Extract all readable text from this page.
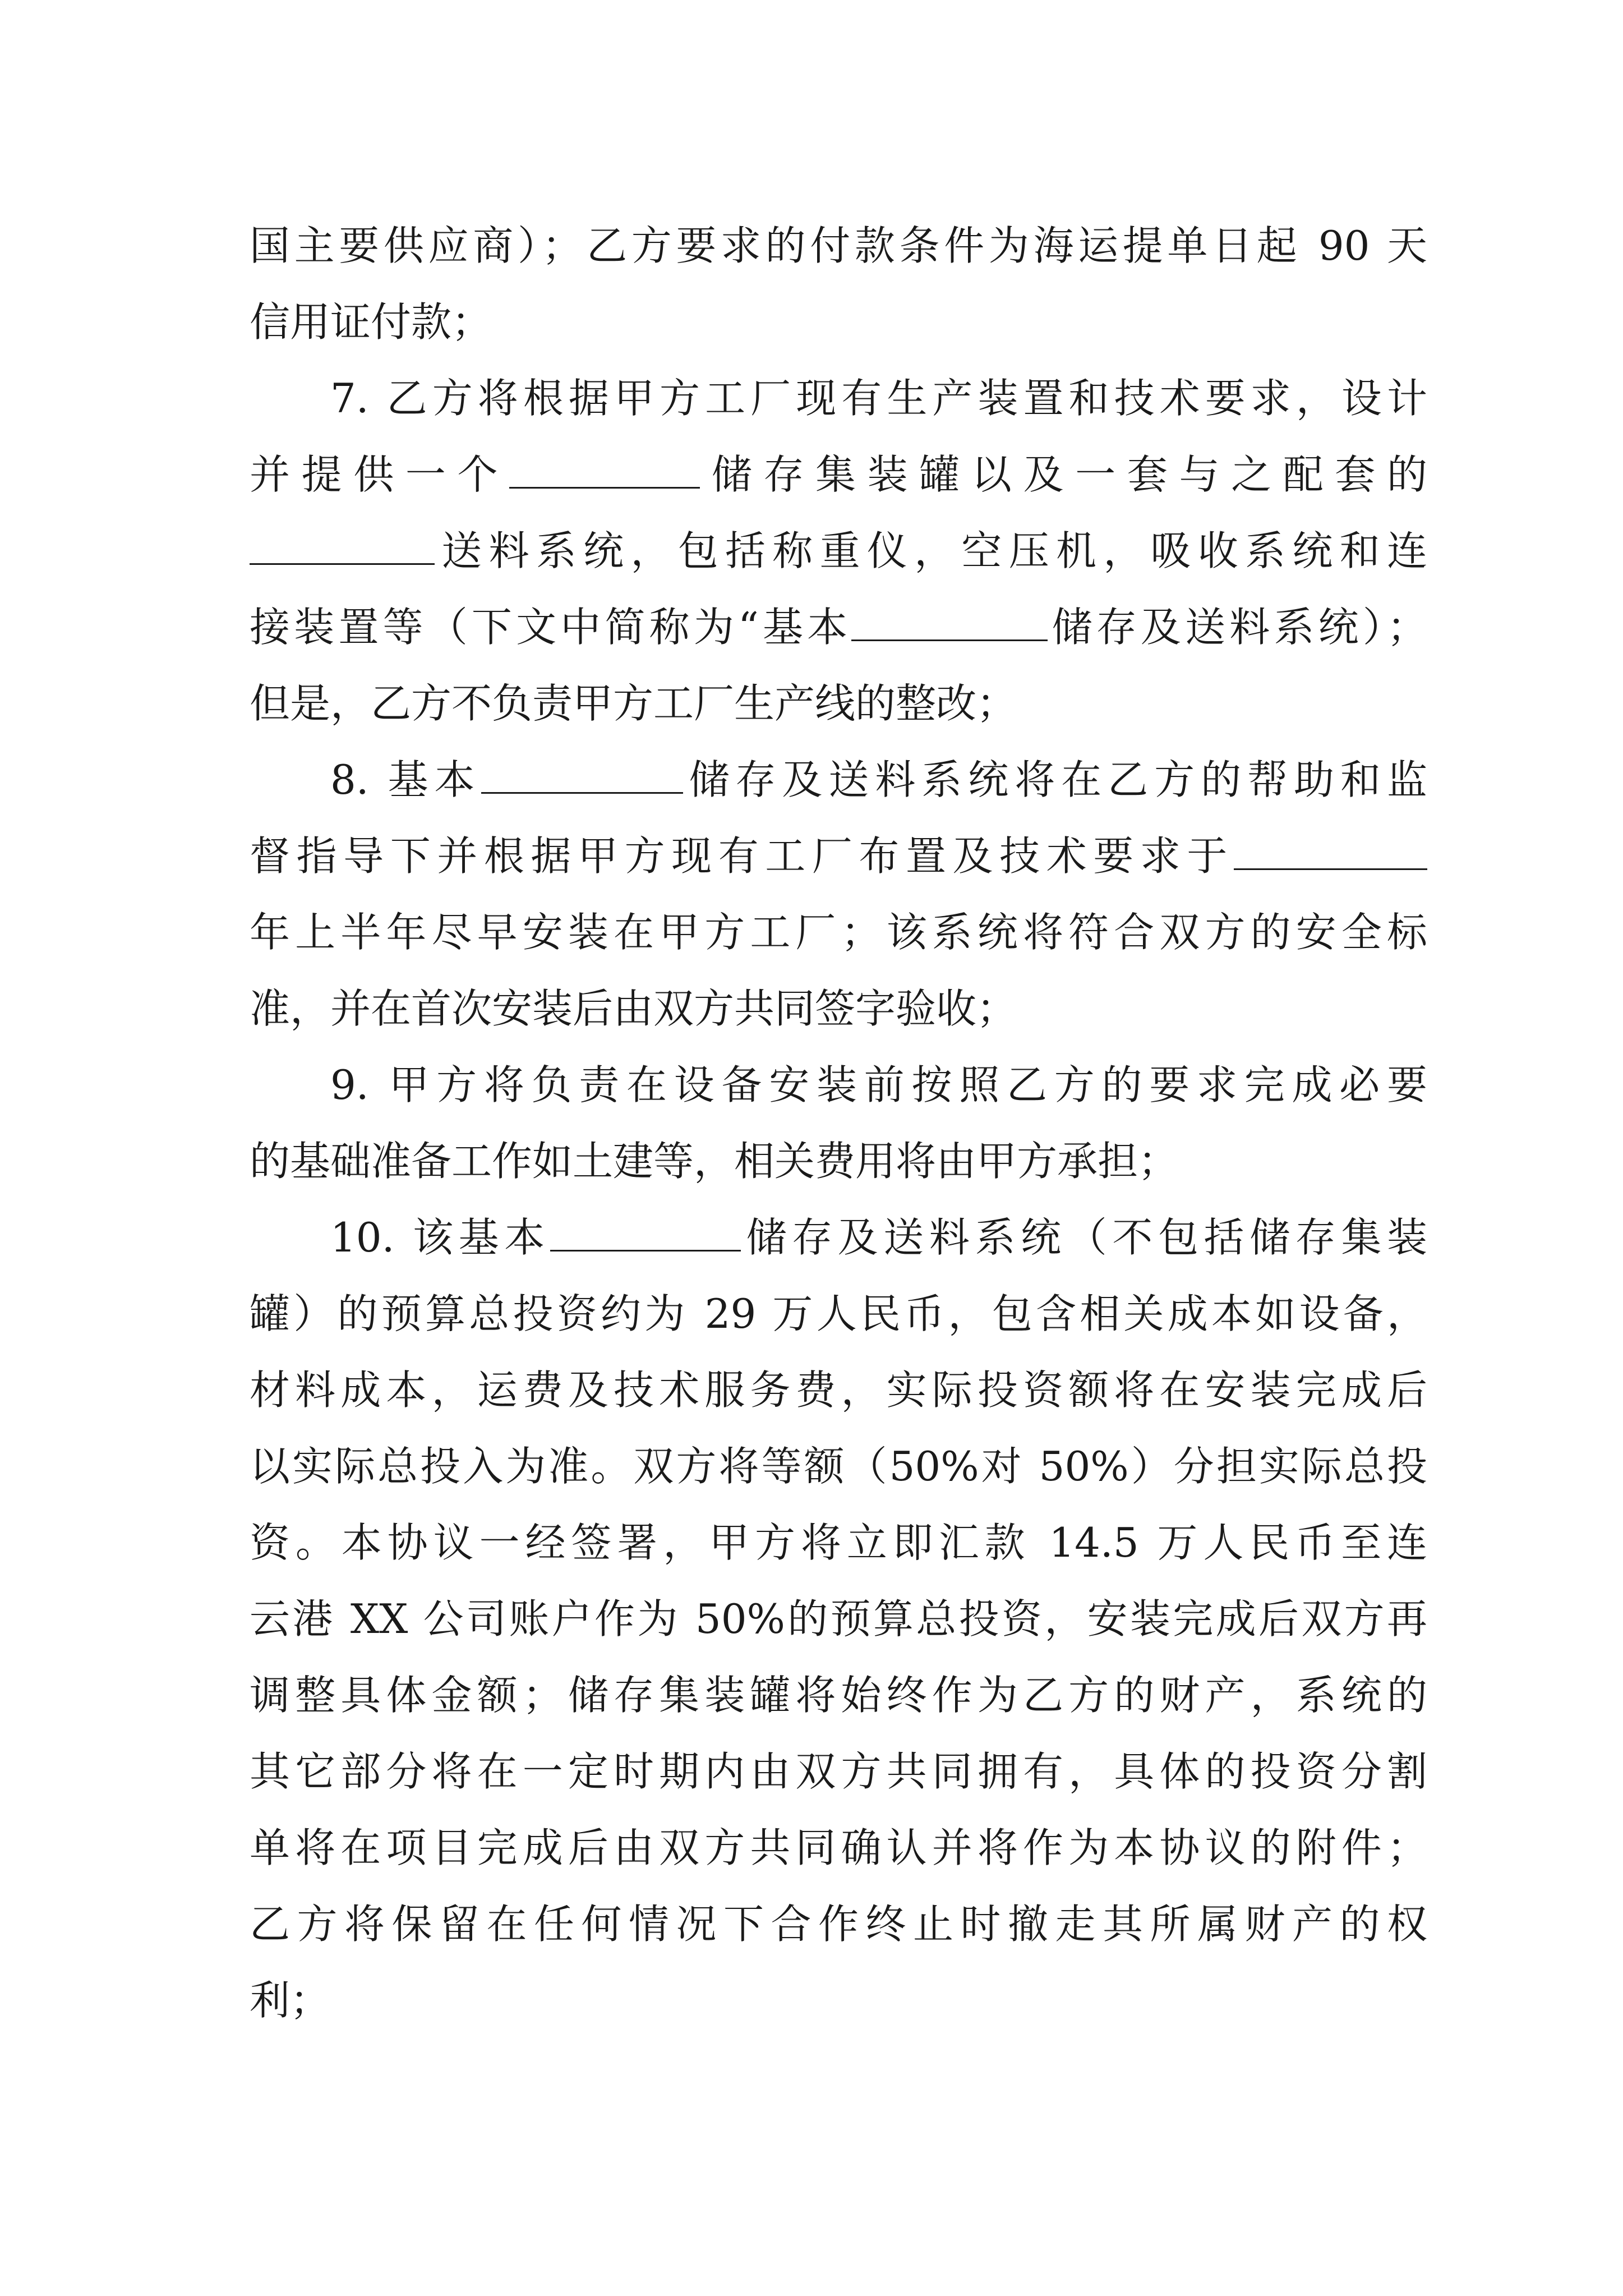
国主要供应商）；乙方要求的付款条件为海运提单日起 90 天
信用证付款；
7. 乙方将根据甲方工厂现有生产装置和技术要求，设计
并提供一个	储存集装罐以及一套与之配套的
送料系统，包括称重仪，空压机，吸收系统和连
接装置等（下文中简称为“基本	储存及送料系统）；
但是，乙方不负责甲方工厂生产线的整改；
8. 基本	储存及送料系统将在乙方的帮助和监
督指导下并根据甲方现有工厂布置及技术要求于
年上半年尽早安装在甲方工厂；该系统将符合双方的安全标
准，并在首次安装后由双方共同签字验收；
9. 甲方将负责在设备安装前按照乙方的要求完成必要
的基础准备工作如土建等，相关费用将由甲方承担；
10. 该基本	储存及送料系统（不包括储存集装
罐）的预算总投资约为 29 万人民币，包含相关成本如设备，
材料成本，运费及技术服务费，实际投资额将在安装完成后
以实际总投入为准。双方将等额（50%对 50%）分担实际总投
资。本协议一经签署，甲方将立即汇款 14.5 万人民币至连
云港 XX 公司账户作为 50%的预算总投资，安装完成后双方再
调整具体金额；储存集装罐将始终作为乙方的财产，系统的
其它部分将在一定时期内由双方共同拥有，具体的投资分割
单将在项目完成后由双方共同确认并将作为本协议的附件；
乙方将保留在任何情况下合作终止时撤走其所属财产的权
利；
